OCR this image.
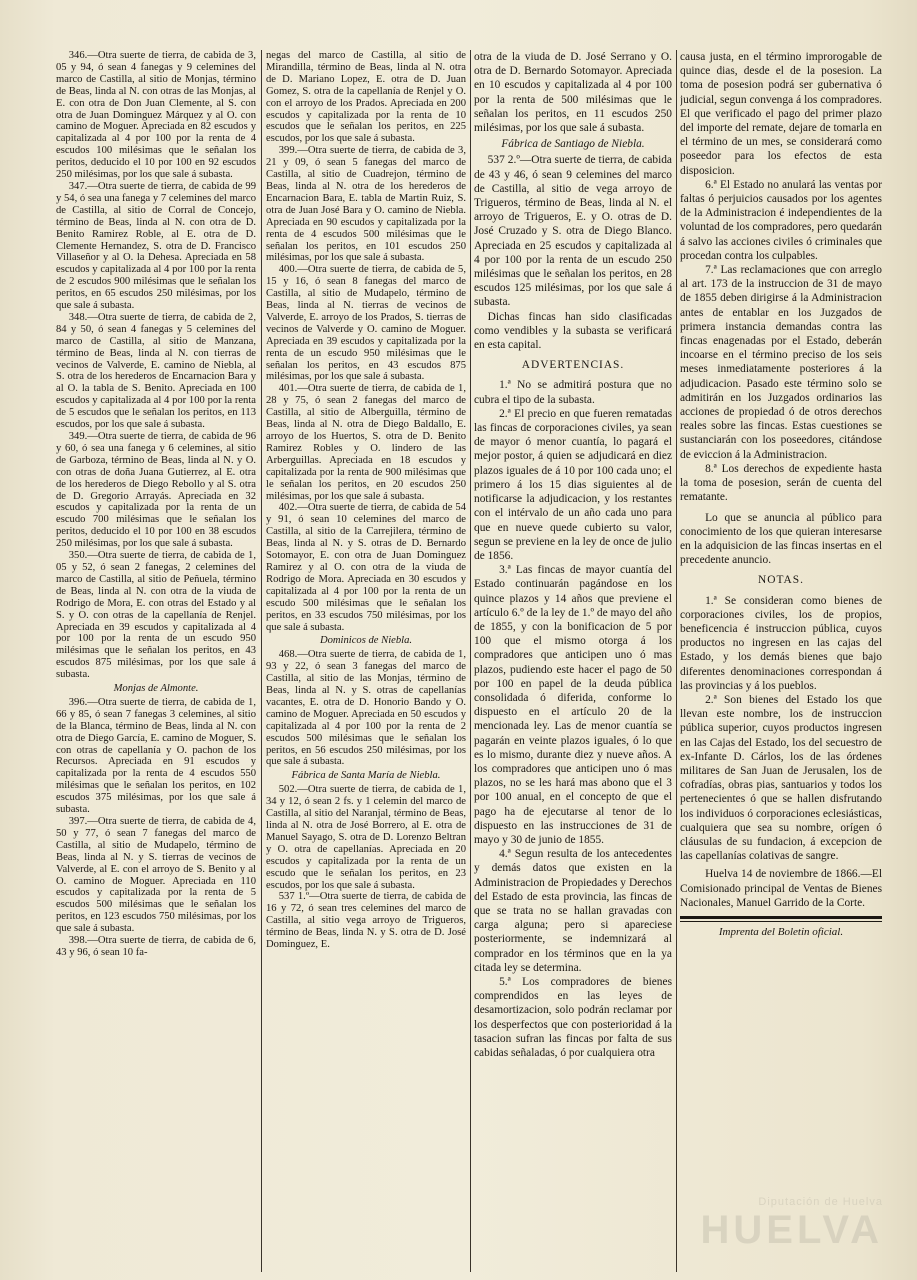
346.—Otra suerte de tierra, de cabida de 3, 05 y 94, ó sean 4 fanegas y 9 celemines del marco de Castilla, al sitio de Monjas, término de Beas, linda al N. con otras de las Monjas, al E. con otra de Don Juan Clemente, al S. con otra de Juan Dominguez Márquez y al O. con camino de Moguer. Apreciada en 82 escudos y capitalizada al 4 por 100 por la renta de 4 escudos 100 milésimas que le señalan los peritos, deducido el 10 por 100 en 92 escudos 250 milésimas, por los que sale á subasta.

347.—Otra suerte de tierra, de cabida de 99 y 54, ó sea una fanega y 7 celemines del marco de Castilla, al sitio de Corral de Concejo, término de Beas, linda al N. con otra de D. Benito Ramirez Roble, al E. otra de D. Clemente Hernandez, S. otra de D. Francisco Villaseñor y al O. la Dehesa. Apreciada en 58 escudos y capitalizada al 4 por 100 por la renta de 2 escudos 900 milésimas que le señalan los peritos, en 65 escudos 250 milésimas, por los que sale á subasta.

348.—Otra suerte de tierra, de cabida de 2, 84 y 50, ó sean 4 fanegas y 5 celemines del marco de Castilla, al sitio de Manzana, término de Beas, linda al N. con tierras de vecinos de Valverde, E. camino de Niebla, al S. otra de los herederos de Encarnacion Bara y al O. la tabla de S. Benito. Apreciada en 100 escudos y capitalizada al 4 por 100 por la renta de 5 escudos que le señalan los peritos, en 113 escudos, por los que sale á subasta.

349.—Otra suerte de tierra, de cabida de 96 y 60, ó sea una fanega y 6 celemines, al sitio de Garboza, término de Beas, linda al N. y O. con otras de doña Juana Gutierrez, al E. otra de los herederos de Diego Rebollo y al S. otra de D. Gregorio Arrayás. Apreciada en 32 escudos y capitalizada por la renta de un escudo 700 milésimas que le señalan los peritos, deducido el 10 por 100 en 38 escudos 250 milésimas, por los que sale á subasta.

350.—Otra suerte de tierra, de cabida de 1, 05 y 52, ó sean 2 fanegas, 2 celemines del marco de Castilla, al sitio de Peñuela, término de Beas, linda al N. con otra de la viuda de Rodrigo de Mora, E. con otras del Estado y al S. y O. con otras de la capellanía de Renjel. Apreciada en 39 escudos y capitalizada al 4 por 100 por la renta de un escudo 950 milésimas que le señalan los peritos, en 43 escudos 875 milésimas, por los que sale á subasta.

Monjas de Almonte.

396.—Otra suerte de tierra, de cabida de 1, 66 y 85, ó sean 7 fanegas 3 celemines, al sitio de la Blanca, término de Beas, linda al N. con otra de Diego García, E. camino de Moguer, S. con otras de capellanía y O. pachon de los Recursos. Apreciada en 91 escudos y capitalizada por la renta de 4 escudos 550 milésimas que le señalan los peritos, en 102 escudos 375 milésimas, por los que sale á subasta.

397.—Otra suerte de tierra, de cabida de 4, 50 y 77, ó sean 7 fanegas del marco de Castilla, al sitio de Mudapelo, término de Beas, linda al N. y S. tierras de vecinos de Valverde, al E. con el arroyo de S. Benito y al O. camino de Moguer. Apreciada en 110 escudos y capitalizada por la renta de 5 escudos 500 milésimas que le señalan los peritos, en 123 escudos 750 milésimas, por los que sale á subasta.

398.—Otra suerte de tierra, de cabida de 6, 43 y 96, ó sean 10 fa-

negas del marco de Castilla, al sitio de Mirandilla, término de Beas, linda al N. otra de D. Mariano Lopez, E. otra de D. Juan Gomez, S. otra de la capellanía de Renjel y O. con el arroyo de los Prados. Apreciada en 200 escudos y capitalizada por la renta de 10 escudos que le señalan los peritos, en 225 escudos, por los que sale á subasta.

399.—Otra suerte de tierra, de cabida de 3, 21 y 09, ó sean 5 fanegas del marco de Castilla, al sitio de Cuadrejon, término de Beas, linda al N. otra de los herederos de Encarnacion Bara, E. tabla de Martin Ruiz, S. otra de Juan José Bara y O. camino de Niebla. Apreciada en 90 escudos y capitalizada por la renta de 4 escudos 500 milésimas que le señalan los peritos, en 101 escudos 250 milésimas, por los que sale á subasta.

400.—Otra suerte de tierra, de cabida de 5, 15 y 16, ó sean 8 fanegas del marco de Castilla, al sitio de Mudapelo, término de Beas, linda al N. tierras de vecinos de Valverde, E. arroyo de los Prados, S. tierras de vecinos de Valverde y O. camino de Moguer. Apreciada en 39 escudos y capitalizada por la renta de un escudo 950 milésimas que le señalan los peritos, en 43 escudos 875 milésimas, por los que sale á subasta.

401.—Otra suerte de tierra, de cabida de 1, 28 y 75, ó sean 2 fanegas del marco de Castilla, al sitio de Alberguilla, término de Beas, linda al N. otra de Diego Baldallo, E. arroyo de los Huertos, S. otra de D. Benito Ramirez Robles y O. lindero de las Arberguillas. Apreciada en 18 escudos y capitalizada por la renta de 900 milésimas que le señalan los peritos, en 20 escudos 250 milésimas, por los que sale á subasta.

402.—Otra suerte de tierra, de cabida de 54 y 91, ó sean 10 celemines del marco de Castilla, al sitio de la Carrejilera, término de Beas, linda al N. y S. otras de D. Bernardo Sotomayor, E. con otra de Juan Dominguez Ramirez y al O. con otra de la viuda de Rodrigo de Mora. Apreciada en 30 escudos y capitalizada al 4 por 100 por la renta de un escudo 500 milésimas que le señalan los peritos, en 33 escudos 750 milésimas, por los que sale á subasta.

Dominicos de Niebla.

468.—Otra suerte de tierra, de cabida de 1, 93 y 22, ó sean 3 fanegas del marco de Castilla, al sitio de las Monjas, término de Beas, linda al N. y S. otras de capellanías vacantes, E. otra de D. Honorio Bando y O. camino de Moguer. Apreciada en 50 escudos y capitalizada al 4 por 100 por la renta de 2 escudos 500 milésimas que le señalan los peritos, en 56 escudos 250 milésimas, por los que sale á subasta.

Fábrica de Santa María de Niebla.

502.—Otra suerte de tierra, de cabida de 1, 34 y 12, ó sean 2 fs. y 1 celemin del marco de Castilla, al sitio del Naranjal, término de Beas, linda al N. otra de José Borrero, al E. otra de Manuel Sayago, S. otra de D. Lorenzo Beltran y O. otra de capellanías. Apreciada en 20 escudos y capitalizada por la renta de un escudo que le señalan los peritos, en 23 escudos, por los que sale á subasta.

537 1.º—Otra suerte de tierra, de cabida de 16 y 72, ó sean tres celemines del marco de Castilla, al sitio vega arroyo de Trigueros, término de Beas, linda N. y S. otra de D. José Dominguez, E.

otra de la viuda de D. José Serrano y O. otra de D. Bernardo Sotomayor. Apreciada en 10 escudos y capitalizada al 4 por 100 por la renta de 500 milésimas que le señalan los peritos, en 11 escudos 250 milésimas, por los que sale á subasta.

Fábrica de Santiago de Niebla.

537 2.º—Otra suerte de tierra, de cabida de 43 y 46, ó sean 9 celemines del marco de Castilla, al sitio de vega arroyo de Trigueros, término de Beas, linda al N. el arroyo de Trigueros, E. y O. otras de D. José Cruzado y S. otra de Diego Blanco. Apreciada en 25 escudos y capitalizada al 4 por 100 por la renta de un escudo 250 milésimas que le señalan los peritos, en 28 escudos 125 milésimas, por los que sale á subasta.

Dichas fincas han sido clasificadas como vendibles y la subasta se verificará en esta capital.

ADVERTENCIAS.

1.ª No se admitirá postura que no cubra el tipo de la subasta.

2.ª El precio en que fueren rematadas las fincas de corporaciones civiles, ya sean de mayor ó menor cuantía, lo pagará el mejor postor, á quien se adjudicará en diez plazos iguales de á 10 por 100 cada uno; el primero á los 15 dias siguientes al de notificarse la adjudicacion, y los restantes con el intérvalo de un año cada uno para que en nueve quede cubierto su valor, segun se previene en la ley de once de julio de 1856.

3.ª Las fincas de mayor cuantía del Estado continuarán pagándose en los quince plazos y 14 años que previene el artículo 6.º de la ley de 1.º de mayo del año de 1855, y con la bonificacion de 5 por 100 que el mismo otorga á los compradores que anticipen uno ó mas plazos, pudiendo este hacer el pago de 50 por 100 en papel de la deuda pública consolidada ó diferida, conforme lo dispuesto en el artículo 20 de la mencionada ley. Las de menor cuantía se pagarán en veinte plazos iguales, ó lo que es lo mismo, durante diez y nueve años. A los compradores que anticipen uno ó mas plazos, no se les hará mas abono que el 3 por 100 anual, en el concepto de que el pago ha de ejecutarse al tenor de lo dispuesto en las instrucciones de 31 de mayo y 30 de junio de 1855.

4.ª Segun resulta de los antecedentes y demás datos que existen en la Administracion de Propiedades y Derechos del Estado de esta provincia, las fincas de que se trata no se hallan gravadas con carga alguna; pero si apareciese posteriormente, se indemnizará al comprador en los términos que en la ya citada ley se determina.

5.ª Los compradores de bienes comprendidos en las leyes de desamortizacion, solo podrán reclamar por los desperfectos que con posterioridad á la tasacion sufran las fincas por falta de sus cabidas señaladas, ó por cualquiera otra

causa justa, en el término improrogable de quince dias, desde el de la posesion. La toma de posesion podrá ser gubernativa ó judicial, segun convenga á los compradores. El que verificado el pago del primer plazo del importe del remate, dejare de tomarla en el término de un mes, se considerará como poseedor para los efectos de esta disposicion.

6.ª El Estado no anulará las ventas por faltas ó perjuicios causados por los agentes de la Administracion é independientes de la voluntad de los compradores, pero quedarán á salvo las acciones civiles ó criminales que procedan contra los culpables.

7.ª Las reclamaciones que con arreglo al art. 173 de la instruccion de 31 de mayo de 1855 deben dirigirse á la Administracion antes de entablar en los Juzgados de primera instancia demandas contra las fincas enagenadas por el Estado, deberán incoarse en el término preciso de los seis meses inmediatamente posteriores á la adjudicacion. Pasado este término solo se admitirán en los Juzgados ordinarios las acciones de propiedad ó de otros derechos reales sobre las fincas. Estas cuestiones se sustanciarán con los poseedores, citándose de eviccion á la Administracion.

8.ª Los derechos de expediente hasta la toma de posesion, serán de cuenta del rematante.

Lo que se anuncia al público para conocimiento de los que quieran interesarse en la adquisicion de las fincas insertas en el precedente anuncio.

NOTAS.

1.ª Se consideran como bienes de corporaciones civiles, los de propios, beneficencia é instruccion pública, cuyos productos no ingresen en las cajas del Estado, y los demás bienes que bajo diferentes denominaciones correspondan á las provincias y á los pueblos.

2.ª Son bienes del Estado los que llevan este nombre, los de instruccion pública superior, cuyos productos ingresen en las Cajas del Estado, los del secuestro de ex-Infante D. Cárlos, los de las órdenes militares de San Juan de Jerusalen, los de cofradías, obras pias, santuarios y todos los pertenecientes ó que se hallen disfrutando los individuos ó corporaciones eclesiásticas, cualquiera que sea su nombre, orígen ó cláusulas de su fundacion, á excepcion de las capellanías colativas de sangre.

Huelva 14 de noviembre de 1866.—El Comisionado principal de Ventas de Bienes Nacionales, Manuel Garrido de la Corte.

Imprenta del Boletin oficial.

Diputación de Huelva
HUELVA
